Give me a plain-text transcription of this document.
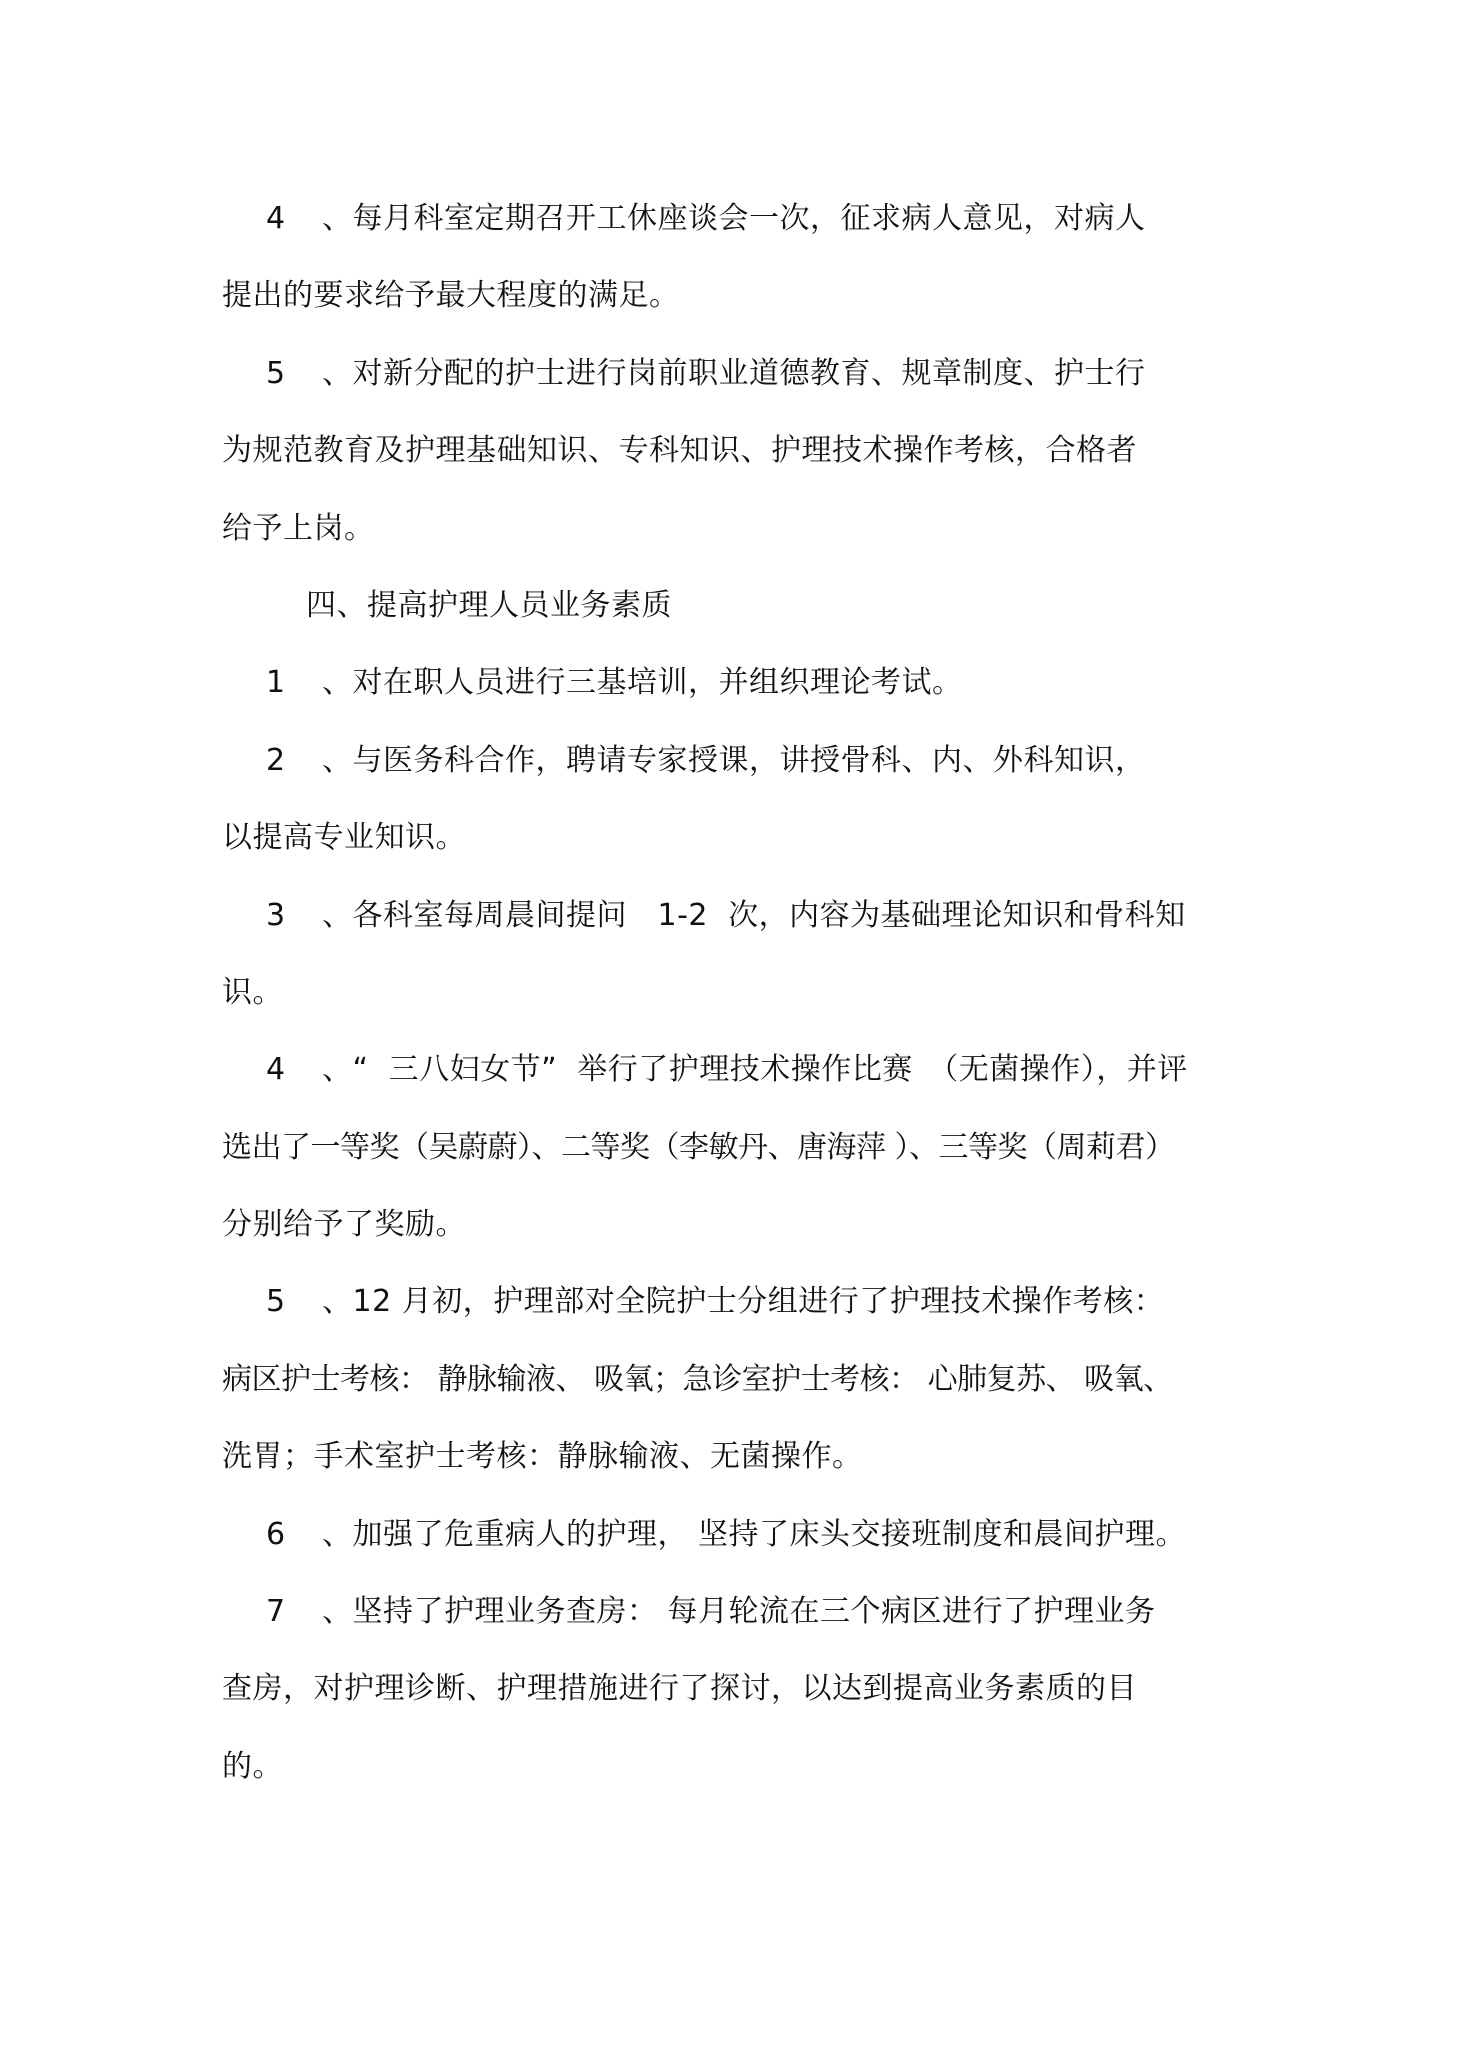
4 、每月科室定期召开工休座谈会一次，征求病人意见，对病人
提出的要求给予最大程度的满足。
5 、对新分配的护士进行岗前职业道德教育、规章制度、护士行
为规范教育及护理基础知识、专科知识、护理技术操作考核，合格者
给予上岗。
四、提高护理人员业务素质
1 、对在职人员进行三基培训，并组织理论考试。
2 、与医务科合作，聘请专家授课，讲授骨科、内、外科知识，
以提高专业知识。
3 、各科室每周晨间提问　1-2  次，内容为基础理论知识和骨科知
识。
4 、“  三八妇女节”  举行了护理技术操作比赛　（无菌操作），并评
选出了一等奖（吴蔚蔚）、二等奖（李敏丹、唐海萍 ）、三等奖（周莉君）
分别给予了奖励。
5 、12 月初，护理部对全院护士分组进行了护理技术操作考核：
病区护士考核： 静脉输液、 吸氧；急诊室护士考核： 心肺复苏、 吸氧、
洗胃；手术室护士考核：静脉输液、无菌操作。
6 、加强了危重病人的护理， 坚持了床头交接班制度和晨间护理。
7 、坚持了护理业务查房： 每月轮流在三个病区进行了护理业务
查房，对护理诊断、护理措施进行了探讨，以达到提高业务素质的目
的。
